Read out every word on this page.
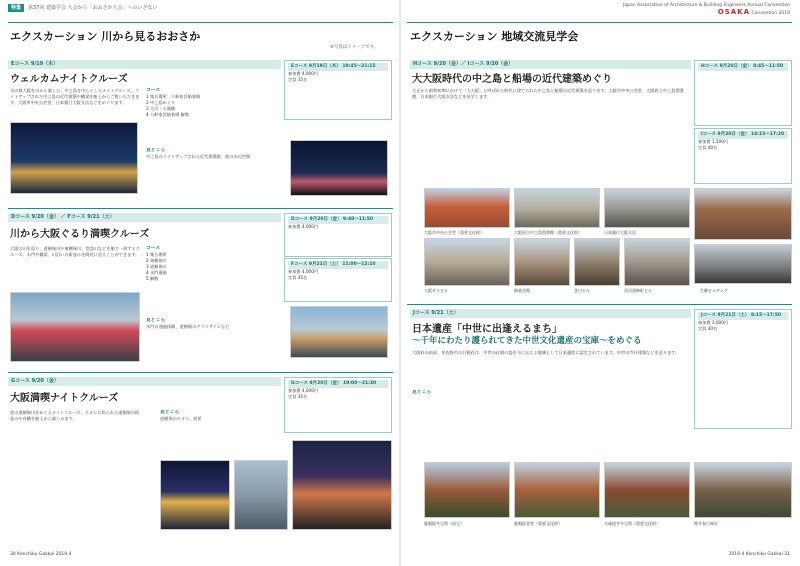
特集 第37回 建築学会 大会から「おおさか大会」へのいざない	Japan Association of Architecture & Building Engineers Annual Convention
OSAKA Convention 2019
エクスカーション 川から見るおおさか
※写真はイメージです。
Eコース 9/19（木）
ウェルカムナイトクルーズ
水の都大阪を川から楽しむ、中之島を中心としたナイトクルーズ。ライトアップされた中之島の近代建築や橋梁を船上からご覧いただきます。大阪市中央公会堂、日本銀行大阪支店などをめぐります。
コース
1 集合場所：八軒家浜船着場
2 中之島めぐり
3 大川・天満橋
4 八軒家浜船着場 解散
見どころ
中之島のライトアップされた近代建築群、夜の水辺空間
Eコース 9月19日（木） 19:45～21:15
参加費 4,000円
定員 35名
Dコース 9/20（金） ／ Fコース 9/21（土）
川から大阪ぐるり満喫クルーズ
大阪の川を巡り、道頓堀川や東横堀川、堂島川などを船で一周するクルーズ。水門や橋梁、川沿いの街並みを間近に見ることができます。
コース
1 集合場所
2 東横堀川
3 道頓堀川
4 水門通過
5 解散
見どころ
水門の通過体験、道頓堀のグリコサインなど
Dコース 9月20日（金） 9:40～11:50
参加費 4,000円
Fコース 9月21日（土） 11:00～12:10
参加費 4,000円
定員 35名
Gコース 9/20（金）
大阪満喫ナイトクルーズ
夜の道頓堀川をめぐるナイトクルーズ。ネオンに彩られた道頓堀の街並みや戎橋を船上から楽しみます。
見どころ
道頓堀のネオン、夜景
Gコース 9月20日（金） 19:00～21:30
参加費 4,000円
定員 35名
30 Kenchiku Gakkai 2019.4
エクスカーション 地域交流見学会
Hコース 9/20（金）／ Iコース 9/20（金）
大大阪時代の中之島と船場の近代建築めぐり
大正から昭和初期にかけて「大大阪」と呼ばれた時代に建てられた中之島と船場の近代建築を巡ります。大阪市中央公会堂、大阪府立中之島図書館、日本銀行大阪支店などを見学します。
Hコース 9月20日（金） 8:45～11:50
Iコース 9月20日（金） 14:15～17:20
参加費 1,500円
定員 40名
大阪市中央公会堂（重要文化財）	大阪府立中之島図書館（重要文化財）	日本銀行大阪支店
大阪ガスビル	綿業会館	芝川ビル	武田道修町ビル	生駒ビルヂング
Jコース 9/21（土）
日本遺産「中世に出逢えるまち」
～千年にわたり護られてきた中世文化遺産の宝庫～をめぐる
大阪府の南部、泉佐野市の日根荘は、中世の荘園の姿を今に伝える地域として日本遺産に認定されています。中世の寺社建築などを巡ります。
見どころ
Jコース 9月21日（土） 8:15～17:50
参加費 3,000円
定員 40名
慈眼院多宝塔（国宝）	慈眼院金堂（重要文化財）	大威徳寺多宝塔（重要文化財）	樫井春日神社
2019.4 Kenchiku Gakkai 31
